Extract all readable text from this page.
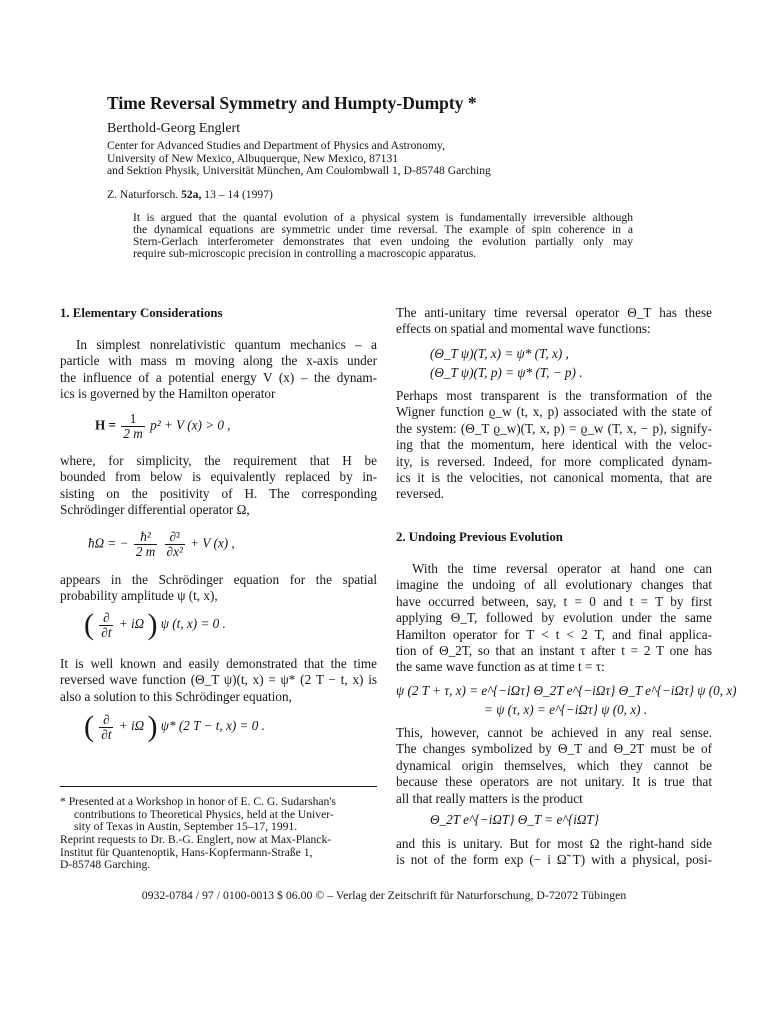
Time Reversal Symmetry and Humpty-Dumpty *
Berthold-Georg Englert
Center for Advanced Studies and Department of Physics and Astronomy,
University of New Mexico, Albuquerque, New Mexico, 87131
and Sektion Physik, Universität München, Am Coulombwall 1, D-85748 Garching
Z. Naturforsch. 52a, 13 – 14 (1997)
It is argued that the quantal evolution of a physical system is fundamentally irreversible although
the dynamical equations are symmetric under time reversal. The example of spin coherence in a
Stern-Gerlach interferometer demonstrates that even undoing the evolution partially only may
require sub-microscopic precision in controlling a macroscopic apparatus.
1. Elementary Considerations
In simplest nonrelativistic quantum mechanics – a
particle with mass m moving along the x-axis under
the influence of a potential energy V (x) – the dynam-
ics is governed by the Hamilton operator
$H = \frac{1}{2 m} p^2 + V$ (x) > 0 ,
where, for simplicity, the requirement that H be
bounded from below is equivalently replaced by in-
sisting on the positivity of H. The corresponding
Schrödinger differential operator Ω,
ħΩ = − $\frac{\text{ħ²}}{2 m}$
$\frac{\text{∂²}}{\text{∂x²}} + V$ (x) ,
appears in the Schrödinger equation for the spatial
probability amplitude ψ (t, x),
( $\frac{\partial}{\partial t} + i\Omega$ ) ψ (t, x) = 0 .
It is well known and easily demonstrated that the time
reversed wave function (Θ_T ψ)(t, x) = ψ* (2 T − t, x) is
also a solution to this Schrödinger equation,
( $\frac{\partial}{\partial t} + i\Omega$ ) ψ* (2 T − t, x) = 0 .
* Presented at a Workshop in honor of E. C. G. Sudarshan's
contributions to Theoretical Physics, held at the Univer-
sity of Texas in Austin, September 15–17, 1991.
Reprint requests to Dr. B.-G. Englert, now at Max-Planck-
Institut für Quantenoptik, Hans-Kopfermann-Straße 1,
D-85748 Garching.
The anti-unitary time reversal operator Θ_T has these
effects on spatial and momental wave functions:
(Θ_T ψ)(T, x) = ψ* (T, x) ,
(Θ_T ψ)(T, p) = ψ* (T, − p) .
Perhaps most transparent is the transformation of the
Wigner function ϱ_w (t, x, p) associated with the state of
the system: (Θ_T ϱ_w)(T, x, p) = ϱ_w (T, x, − p), signify-
ing that the momentum, here identical with the veloc-
ity, is reversed. Indeed, for more complicated dynam-
ics it is the velocities, not canonical momenta, that are
reversed.
2. Undoing Previous Evolution
With the time reversal operator at hand one can
imagine the undoing of all evolutionary changes that
have occurred between, say, t = 0 and t = T by first
applying Θ_T, followed by evolution under the same
Hamilton operator for T < t < 2 T, and final applica-
tion of Θ_2T, so that an instant τ after t = 2 T one has
the same wave function as at time t = τ:
ψ (2 T + τ, x) = e^{−iΩτ} Θ_2T e^{−iΩτ} Θ_T e^{−iΩτ} ψ (0, x)
= ψ (τ, x) = e^{−iΩτ} ψ (0, x) .
This, however, cannot be achieved in any real sense.
The changes symbolized by Θ_T and Θ_2T must be of
dynamical origin themselves, which they cannot be
because these operators are not unitary. It is true that
all that really matters is the product
Θ_2T e^{−iΩT} Θ_T = e^{iΩT}
and this is unitary. But for most Ω the right-hand side
is not of the form exp (− i Ω̃ T) with a physical, posi-
0932-0784 / 97 / 0100-0013 $ 06.00 © – Verlag der Zeitschrift für Naturforschung, D-72072 Tübingen
